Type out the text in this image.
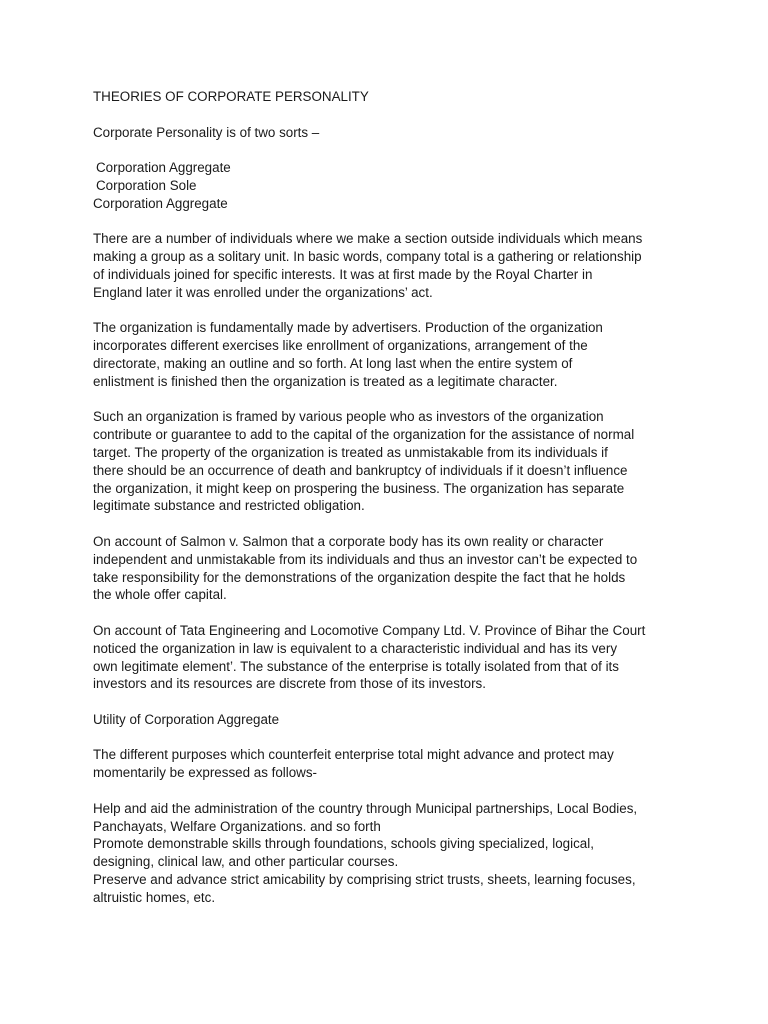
THEORIES OF CORPORATE PERSONALITY

Corporate Personality is of two sorts –

Corporation Aggregate
Corporation Sole

Corporation Aggregate

There are a number of individuals where we make a section outside individuals which means
making a group as a solitary unit. In basic words, company total is a gathering or relationship
of individuals joined for specific interests. It was at first made by the Royal Charter in
England later it was enrolled under the organizations’ act.

The organization is fundamentally made by advertisers. Production of the organization
incorporates different exercises like enrollment of organizations, arrangement of the
directorate, making an outline and so forth. At long last when the entire system of
enlistment is finished then the organization is treated as a legitimate character.

Such an organization is framed by various people who as investors of the organization
contribute or guarantee to add to the capital of the organization for the assistance of normal
target. The property of the organization is treated as unmistakable from its individuals if
there should be an occurrence of death and bankruptcy of individuals if it doesn’t influence
the organization, it might keep on prospering the business. The organization has separate
legitimate substance and restricted obligation.

On account of Salmon v. Salmon that a corporate body has its own reality or character
independent and unmistakable from its individuals and thus an investor can’t be expected to
take responsibility for the demonstrations of the organization despite the fact that he holds
the whole offer capital.

On account of Tata Engineering and Locomotive Company Ltd. V. Province of Bihar the Court
noticed the organization in law is equivalent to a characteristic individual and has its very
own legitimate element’. The substance of the enterprise is totally isolated from that of its
investors and its resources are discrete from those of its investors.

Utility of Corporation Aggregate

The different purposes which counterfeit enterprise total might advance and protect may
momentarily be expressed as follows-

Help and aid the administration of the country through Municipal partnerships, Local Bodies,
Panchayats, Welfare Organizations. and so forth
Promote demonstrable skills through foundations, schools giving specialized, logical,
designing, clinical law, and other particular courses.
Preserve and advance strict amicability by comprising strict trusts, sheets, learning focuses,
altruistic homes, etc.
